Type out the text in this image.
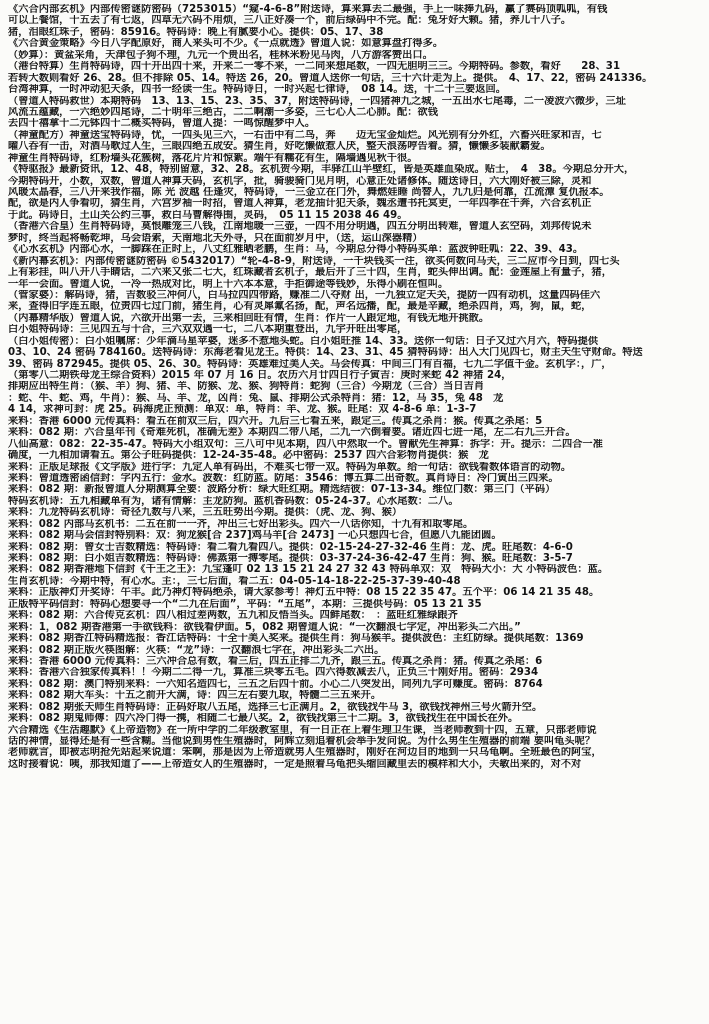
《六合内部玄机》内部传密谜防密码（7253015）“窥-4-6-8”附送诗，算来算去二最强，手上一味捧九码，赢了赛码顶呱呱，有钱
可以上餐馆，十五去了有七返，四草无六码不用烦，三八正好凑一个，前后绿码中不完。配：兔牙好大颗。猪，养儿十八子。
猪，泪眼红珠子，密码：85916。特码诗：晚上有腻要小心。提供：05、17、38
《六合黄金策略》今日八字配原好，商人来头可不少。《一点就透》曾道人说：如意算盘打得多。
（妙算）：黄盆采角，天津包子狗不理，九元一个贵出名，桂林米粉见马肉，八方游客赞出口。
（港台特算）生肖特码诗，四十开出四十来，开来二一零不来，一二同来想尾数，一四无胆明三三。今期特码。参数，看好　　28、31
若转大数则看好 26、28。但不排除 05、14。特送 26，20。曾道人送你一句话，三十六计走为上。提供。　4、17、22，密码 241336。
台湾神算，一时冲动犯天条，四书一经读一生。特码诗日，一时兴起七律诗，　08 14。送，十二十三要返回。
（曾道人特码救世）本期特码　13、13、15、23、35、37，附送特码诗，一四猪神九之城，一五出水七尾毒，二一凌波六微步，三址
风流五蕴藏，一六绝妙四尾诗，二十明年三绝古，二二啊潮一多姿，三七心人二心肺。配：欲钱
去四十禧拿十二元钵四十二概买特码，曾道人提：一鸣惊醒梦中人。
（神童配方）神童送宝特码诗，忧，一四头见三六，一右击中有二鸟，奔　　迈无宝金灿烂。风光别有分外红，六畜兴旺家和吉，七
曜八吞有一击，对酒马歌过人生，三眼四绝五成安。猜生肖，好吃懒做惹人厌，整天浪荡哼告着。猜，懒懒多装献霸爱。
神童生肖特码诗，红粉墙头花簇树，落花片片和惊絮。端午有糯花有生，隔墙遇见秋千很。
《特驱报》最新资讯，12、48，特别留意，32、28。玄机贺今期，丰驿江山半壁红，皆是英雄血染成。贴士，　4　38。今期总分开大，
今期特码开，小数，双数，曾道人神算天码，玄机字，批，骑骏骑门见月明，心意正处诸修体。随送诗日，六大刚好被三除，灵和
风暖太晶春，三八开来我作福，陈 光 波越 任逢灾，特码诗，一三金立在门外，舞燃娃睡 尚替人，九九归是何靠，江流潭 复仇报本。
配，欲是内人争看叨，猜生肖，六宫罗袖一时招，曾道人神算，老龙抽计犯天条，魏丞遭书托冥吏，一年四季在干奔，六合玄机正
于此。码诗日，土山关公约三事，救白马曹解得围，灵码，　05 11 15 2038 46 49。
（香港六合皇）生肖特码诗，莫恨雕笼三八钱，江南地暖一三壶，一四不用分明遇，四五分明出转难，曾道人玄空码，刘邦传说未
梦时，终当起将畅乾坤，乌会语索，天南地北天外寻，只在面前岁月中，（送，运山深器精）
《心水玄机》内部心水，一脚踩在正时上，八丈红雅晒老鹏，生肖：马，今期总分得小特码买单：蓝波钟旺呱：22、39、43。
《新内幕玄机》：内部传密谜防密码 ©5432017）“轮-4-8-9，附送诗，一千块钱买一注，欲买何数问马夫，三二应市今日到，四七头
上有彩挂，叫八开八手睛话，二六来又张二七大，红珠藏者玄机子，最后开了三十四，生肖，蛇头伸出调。配：金莲屋上有量子，猪，
一年一会面。曾道人说，一冷一热成对比，明上十六本本意，手拒御途等钱妙，乐得小刷在恒叫。
（管家婆）：解码诗，猪，吉数驳三冲何八，白马拉四四带路，赚准二八夺财 出，一九独立定天关，提防一四有动机，这量四码佳六
来，查得旧字连五眼，位责四七过门前，猪生肖，心有灵犀氟名扬，配，声名远播，配，最是辛藏，绝杀四肖，鸡，狗，鼠，蛇，
（内幕精华版）曾道人说，六欲开出第一去，三来相回旺有情，生肖：作片一人跟定地，有钱无地开挑散。
白小姐特码诗：三见四五与十合，三六双双遇一七，二八本期重登出，九宇开旺出零尾，
（白小姐传密）：白小姐嘱席：少年滴马星苹婆，迷多不惹地头蛇。白小姐旺推 14、33。送你一句话：日子又过六月六，特码提供
03、10、24 密码 784160。送特码诗：东海老看见龙王。特供：14、23、31、45 猜特码诗：出入大门见四七，财主天生守财命。特送
39、密码 872945。提供 05、26、30。特码诗：英雄难过美人关。马会传真：中间三门有百福，七九二字值千金。玄机字：，广，
（第零八二期铁母龙王综合资料）2015 年 07 月 16 日。农历六月廿四日行子寅吉：庚时来蛇 42 神猪 24，
排期应出特生肖：（猴、羊）狗、猪、羊、防猴、龙、猴、狗特肖：蛇狗（三合）今期龙（三合）当日吉肖
：蛇、牛、蛇、鸡，牛肖）：猴、马、羊、龙，凶肖：兔、鼠、排期公式杀特肖：猪：12，马 35，兔 48　龙
4 14，求神可封：虎 25。码海虎正预测：单双：单，特肖：羊、龙、猴。旺尾：双 4-8-6 单：1-3-7
来料：香港 6000 元传真料：看五在前双三后，四六开。九后三七看五来，跟定三。传真之杀肖：猴。传真之杀尾：5
来料：082 期：六合皇年刊《奇难死机，准确无差》本期四二带八尾，二九一六倒着要。诸近四七进一尾，左二右九三开合。
八仙高意：082：22-35-47。特码大小组双句：三八可中见本期，四八中然取一个。曾献先生神算：拆字：开。提示：二四合一准
确度，一九相加请看五。第公子旺码提供：12-24-35-48。必中密码：2537 四六合彩物肖提供：猴　龙
来料：正版足球报《文字版》进行字：九定人单有码出，不难买七带一双。特码为单数。给一句话：欲钱看数体语言的动物。
来料：曾道透密函信封：字内五行：金水。波数：红防蓝。防尾：3546：博五算二出奇数。真肖诗日：冷门寅出三四来。
来料：082 期：新报曾道人分期测算全要：波路分析：绿大旺红期。精选结彼：07-13-34。维位门数：第三门（平码）
特码玄机诗：五九相藏单有为，诸有情解：主龙防狗。蓝机香码数：05-24-37。心水尾数：二八。
来料：九龙特码玄机诗：奇径九数与八来，三五旺势出今期。提供：（虎、龙、狗、猴）
来料：082 内部马玄机书：二五在前一一齐，冲出三七好出彩头。四六一八话你知，十九有和取零尾。
来料：082 期马会信封特别料：双：狗龙猴[合 237]鸡马羊[合 2473] 一心只想四七合，但愿八九能团圆。
来料：082 期：曾女士吉数精选：特码诗：看二看九看四八。提供：02-15-24-27-32-46 生肖：龙、虎。旺尾数：4-6-0
来料：082 期：白小姐吉数精选：特码诗：佛蒸第一搏零尾。提供：03-37-24-36-42-47 生肖：狗、猴。旺尾数：3-5-7
来料：082 期香港地下信封《千王之王》：九宝蓬叮 02 13 15 21 24 27 32 43 特码单双：双　特码大小：大 小特码波色：蓝。
生肖玄机诗：今期中特，有心水。主：，三七后面，看二五：04-05-14-18-22-25-37-39-40-48
来料：正版神灯开奖诗：午丰。此乃神灯特码绝杀，请大家参考！神灯五中特：08 15 22 35 47。五个平：06 14 21 35 48。
正版特平码信封：特码心想要寻一个“二九在后面”，平码：“五尾”，本期：三提供号码：05 13 21 35
来料：082 期：六合传克玄机：四八相过差两数，五九和反悟当头。四鲜尾数：　：蓝旺红雅绿跟齐
来料：1，082 期香港第一手欲钱料：欲钱看伊面。5，082 期曾道人说：“一次翻浪七字定，冲出彩头二六出。”
来料：082 期香江特码精选报：香江话特码：十全十美入奖来。提供生肖：狗马猴羊。提供波色：主红防绿。提供尾数：1369
来料：082 期正版火筷图解：火筷：“龙”诗：一汉翻浪七字在，冲出彩头二六出。
来料：香港 6000 元传真料：三六冲合总有数，看三后，四五正排二九齐，跟三五。传真之杀肖：猪。传真之杀尾：6
来料：香港六合独家传真料！！今期二二得一九，算准三块零五毛。四六得数减去八，正负三十刚好用。密码：2934
来料：082 期：澳门特别来料：一六知名造四七，三五之后四十前。小心二八突发出，同列九字可赚度。密码：8764
来料：082 期大车头：十五之前开大满，诗：四三左右要九取，特髓二三五来开。
来料：082 期张天师生肖特码诗：正码好取八五尾，选择三七正满月。2，欲钱找牛马 3，欲钱找神州三号火箭升空。
来料：082 期鬼师傅：四六冷门得一携，相随二七最八奖。2，欲钱找第三十二期。3，欲钱找生在中国长在外。
六合精选《生活趣默》《上帝造物》在一所中学的二年级教室里，有一日正在上着生理卫生课，当老师教到十四，五章，只部老师说
话的神情，显得还是有一些含糊。当他说到男性生殖器时，阿辉立刻追着机会举手发问说。为什么男生生殖器的前端 要叫龟头呢？
老师就言，即被志明抢先站起来说道：笨啊，那是因为上帝造就男人生殖器时，刚好在河边目的地到一只乌龟啊。全班最色的阿宝，
这时接着说：咦，那我知道了——上帝造女人的生殖器时，一定是照着乌龟把头缩回藏里去的模样和大小，夫敏出来的，对不对
